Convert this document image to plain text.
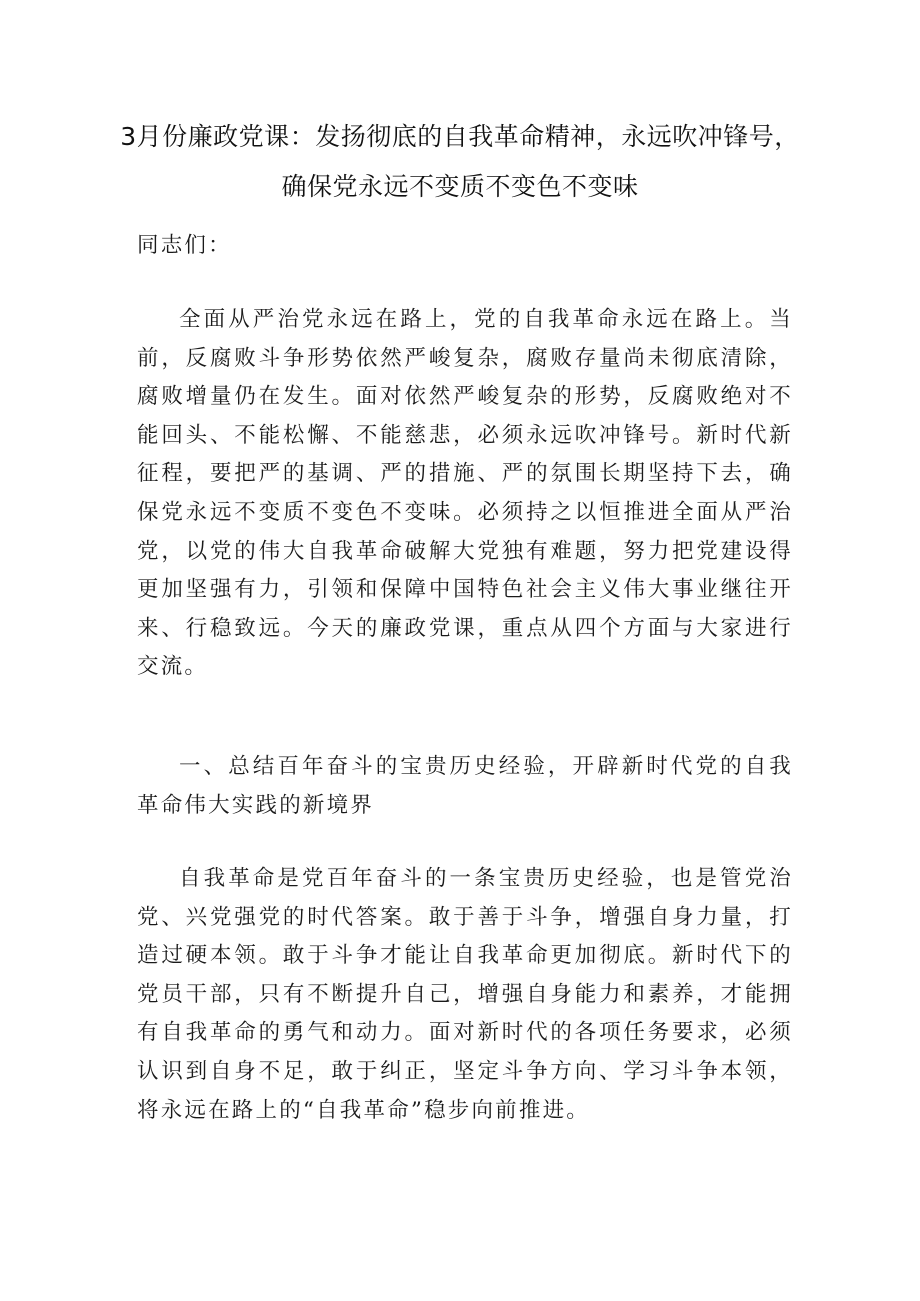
3月份廉政党课：发扬彻底的自我革命精神，永远吹冲锋号，确保党永远不变质不变色不变味

同志们：

全面从严治党永远在路上，党的自我革命永远在路上。当前，反腐败斗争形势依然严峻复杂，腐败存量尚未彻底清除，腐败增量仍在发生。面对依然严峻复杂的形势，反腐败绝对不能回头、不能松懈、不能慈悲，必须永远吹冲锋号。新时代新征程，要把严的基调、严的措施、严的氛围长期坚持下去，确保党永远不变质不变色不变味。必须持之以恒推进全面从严治党，以党的伟大自我革命破解大党独有难题，努力把党建设得更加坚强有力，引领和保障中国特色社会主义伟大事业继往开来、行稳致远。今天的廉政党课，重点从四个方面与大家进行交流。

一、总结百年奋斗的宝贵历史经验，开辟新时代党的自我革命伟大实践的新境界

自我革命是党百年奋斗的一条宝贵历史经验，也是管党治党、兴党强党的时代答案。敢于善于斗争，增强自身力量，打造过硬本领。敢于斗争才能让自我革命更加彻底。新时代下的党员干部，只有不断提升自己，增强自身能力和素养，才能拥有自我革命的勇气和动力。面对新时代的各项任务要求，必须认识到自身不足，敢于纠正，坚定斗争方向、学习斗争本领，将永远在路上的“自我革命”稳步向前推进。
